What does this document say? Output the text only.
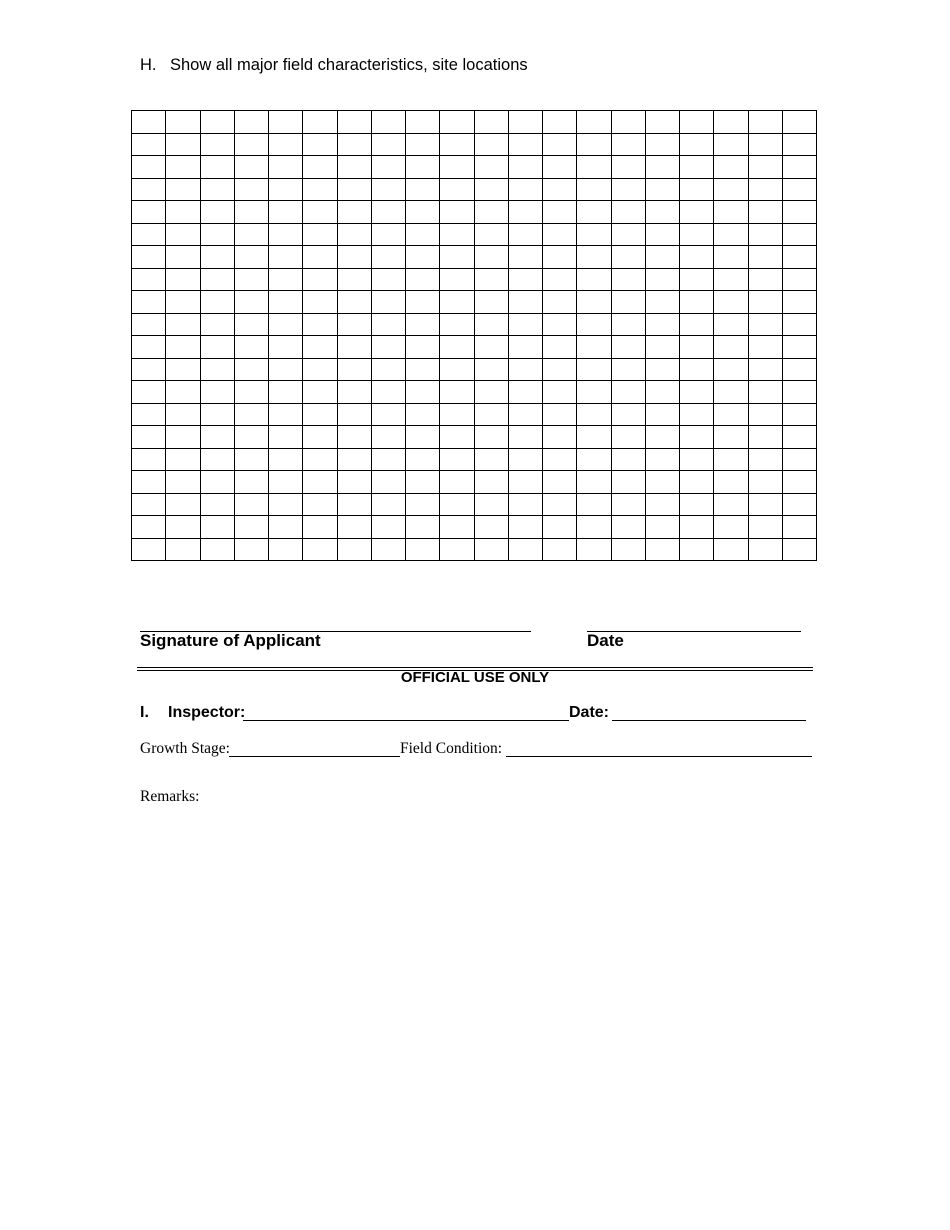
H. Show all major field characteristics, site locations

Signature of Applicant	Date
OFFICIAL USE ONLY
I. Inspector:	Date:
Growth Stage:	Field Condition:
Remarks:
